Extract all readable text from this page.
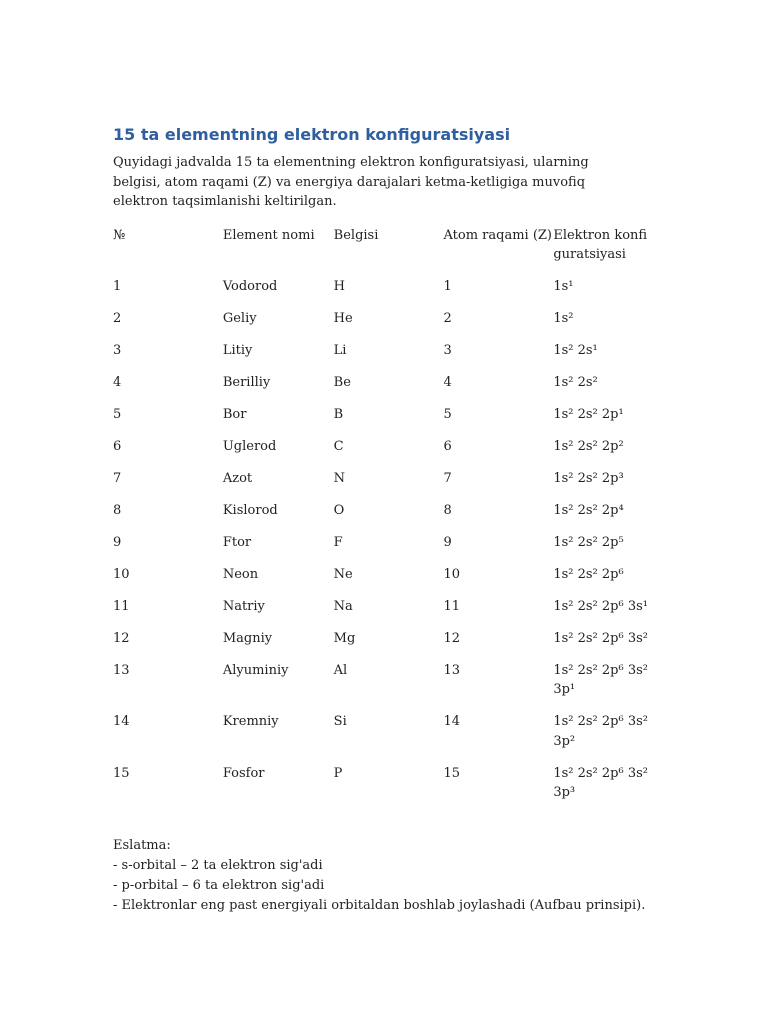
15 ta elementning elektron konfiguratsiyasi

Quyidagi jadvalda 15 ta elementning elektron konfiguratsiyasi, ularning belgisi, atom raqami (Z) va energiya darajalari ketma-ketligiga muvofiq elektron taqsimlanishi keltirilgan.

№	Element nomi	Belgisi	Atom raqami (Z)	Elektron konfiguratsiyasi
1	Vodorod	H	1	1s¹
2	Geliy	He	2	1s²
3	Litiy	Li	3	1s² 2s¹
4	Berilliy	Be	4	1s² 2s²
5	Bor	B	5	1s² 2s² 2p¹
6	Uglerod	C	6	1s² 2s² 2p²
7	Azot	N	7	1s² 2s² 2p³
8	Kislorod	O	8	1s² 2s² 2p⁴
9	Ftor	F	9	1s² 2s² 2p⁵
10	Neon	Ne	10	1s² 2s² 2p⁶
11	Natriy	Na	11	1s² 2s² 2p⁶ 3s¹
12	Magniy	Mg	12	1s² 2s² 2p⁶ 3s²
13	Alyuminiy	Al	13	1s² 2s² 2p⁶ 3s² 3p¹
14	Kremniy	Si	14	1s² 2s² 2p⁶ 3s² 3p²
15	Fosfor	P	15	1s² 2s² 2p⁶ 3s² 3p³
Eslatma:
- s-orbital – 2 ta elektron sig'adi
- p-orbital – 6 ta elektron sig'adi
- Elektronlar eng past energiyali orbitaldan boshlab joylashadi (Aufbau prinsipi).
